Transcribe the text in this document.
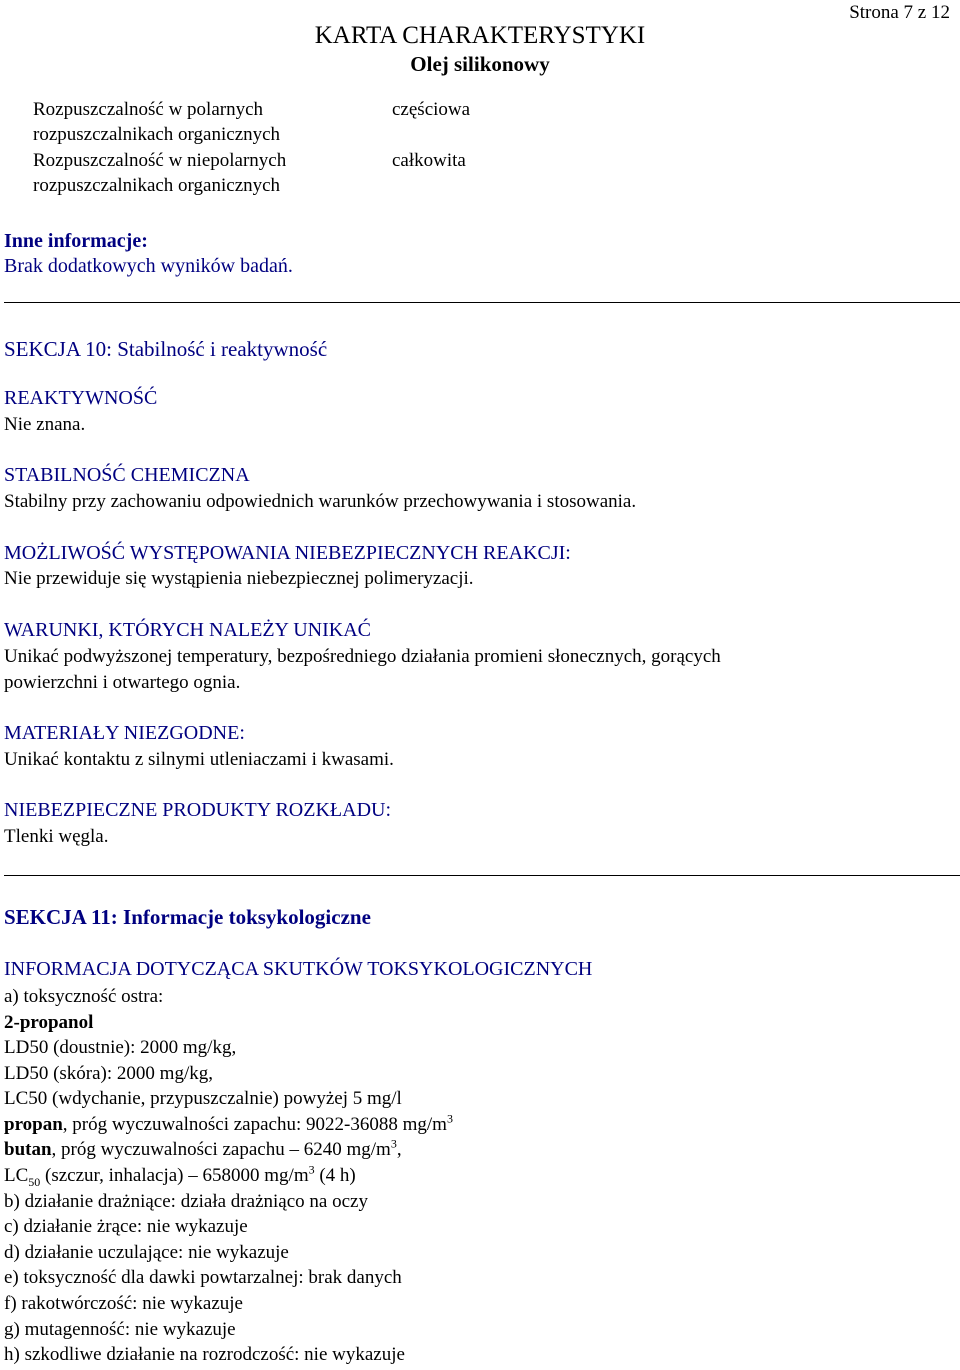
KARTA CHARAKTERYSTYKI
Olej silikonowy
Strona 7 z 12
Rozpuszczalność w polarnych
rozpuszczalnikach organicznych
częściowa
Rozpuszczalność w niepolarnych
rozpuszczalnikach organicznych
całkowita
Inne informacje:
Brak dodatkowych wyników badań.
SEKCJA 10: Stabilność i reaktywność
REAKTYWNOŚĆ
Nie znana.
STABILNOŚĆ CHEMICZNA
Stabilny przy zachowaniu odpowiednich warunków przechowywania i stosowania.
MOŻLIWOŚĆ WYSTĘPOWANIA NIEBEZPIECZNYCH REAKCJI:
Nie przewiduje się wystąpienia niebezpiecznej polimeryzacji.
WARUNKI, KTÓRYCH NALEŻY UNIKAĆ
Unikać podwyższonej temperatury, bezpośredniego działania promieni słonecznych, gorących
powierzchni i otwartego ognia.
MATERIAŁY NIEZGODNE:
Unikać kontaktu z silnymi utleniaczami i kwasami.
NIEBEZPIECZNE PRODUKTY ROZKŁADU:
Tlenki węgla.
SEKCJA 11: Informacje toksykologiczne
INFORMACJA DOTYCZĄCA SKUTKÓW TOKSYKOLOGICZNYCH
a) toksyczność ostra:
2-propanol
LD50 (doustnie): 2000 mg/kg,
LD50 (skóra): 2000 mg/kg,
LC50 (wdychanie, przypuszczalnie) powyżej 5 mg/l
propan, próg wyczuwalności zapachu: 9022-36088 $mg/m^3$
butan, próg wyczuwalności zapachu – 6240 $mg/m^3$,
$LC_{50}$ (szczur, inhalacja) – 658000 $mg/m^3$ (4 h)
b) działanie drażniące: działa drażniąco na oczy
c) działanie żrące: nie wykazuje
d) działanie uczulające: nie wykazuje
e) toksyczność dla dawki powtarzalnej: brak danych
f) rakotwórczość: nie wykazuje
g) mutagenność: nie wykazuje
h) szkodliwe działanie na rozrodczość: nie wykazuje
